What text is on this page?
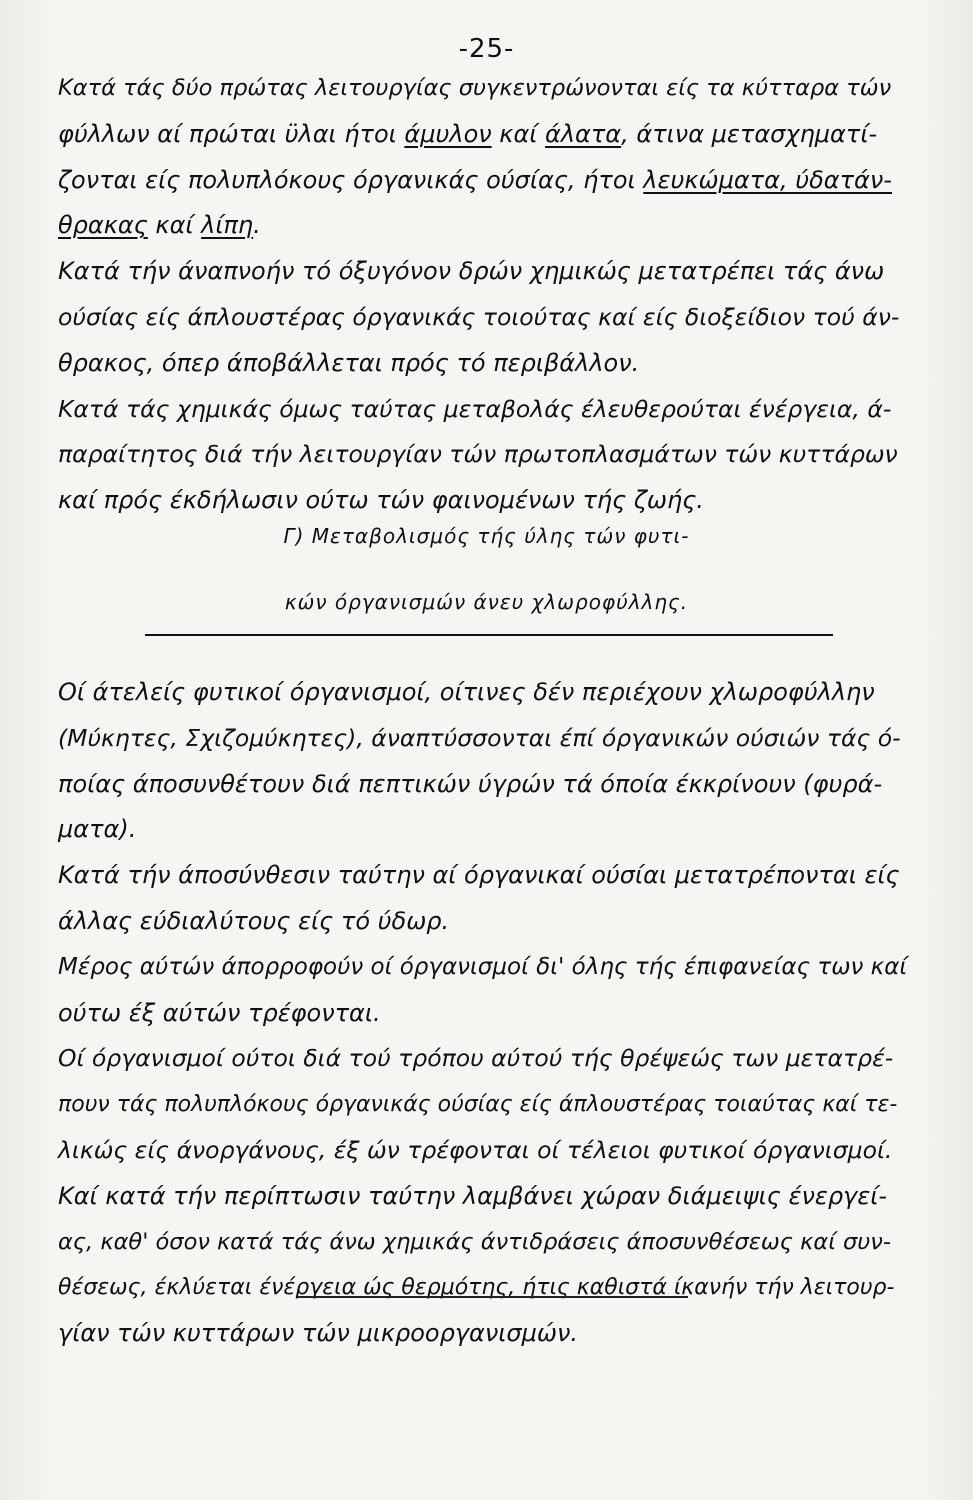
-25-
Κατά τάς δύο πρώτας λειτουργίας συγκεντρώνονται είς τα κύτταρα τών
φύλλων αί πρώται ϋλαι ήτοι άμυλον καί άλατα, άτινα μετασχηματί-
ζονται είς πολυπλόκους όργανικάς ούσίας, ήτοι λευκώματα, ύδατάν-
θρακας καί λίπη.
Κατά τήν άναπνοήν τό όξυγόνον δρών χημικώς μετατρέπει τάς άνω
ούσίας είς άπλουστέρας όργανικάς τοιούτας καί είς διοξείδιον τού άν-
θρακος, όπερ άποβάλλεται πρός τό περιβάλλον.
Κατά τάς χημικάς όμως ταύτας μεταβολάς έλευθερούται ένέργεια, ά-
παραίτητος διά τήν λειτουργίαν τών πρωτοπλασμάτων τών κυττάρων
καί πρός έκδήλωσιν ούτω τών φαινομένων τής ζωής.
Γ) Μεταβολισμός τής ύλης τών φυτι-
κών όργανισμών άνευ χλωροφύλλης.
Οί άτελείς φυτικοί όργανισμοί, οίτινες δέν περιέχουν χλωροφύλλην
(Μύκητες, Σχιζομύκητες), άναπτύσσονται έπί όργανικών ούσιών τάς ό-
ποίας άποσυνθέτουν διά πεπτικών ύγρών τά όποία έκκρίνουν (φυρά-
ματα).
Κατά τήν άποσύνθεσιν ταύτην αί όργανικαί ούσίαι μετατρέπονται είς
άλλας εύδιαλύτους είς τό ύδωρ.
Μέρος αύτών άπορροφούν οί όργανισμοί δι' όλης τής έπιφανείας των καί
ούτω έξ αύτών τρέφονται.
Οί όργανισμοί ούτοι διά τού τρόπου αύτού τής θρέψεώς των μετατρέ-
πουν τάς πολυπλόκους όργανικάς ούσίας είς άπλουστέρας τοιαύτας καί τε-
λικώς είς άνοργάνους, έξ ών τρέφονται οί τέλειοι φυτικοί όργανισμοί.
Καί κατά τήν περίπτωσιν ταύτην λαμβάνει χώραν διάμειψις ένεργεί-
ας, καθ' όσον κατά τάς άνω χημικάς άντιδράσεις άποσυνθέσεως καί συν-
θέσεως, έκλύεται ένέργεια ώς θερμότης, ήτις καθιστά ίκανήν τήν λειτουρ-
γίαν τών κυττάρων τών μικροοργανισμών.
